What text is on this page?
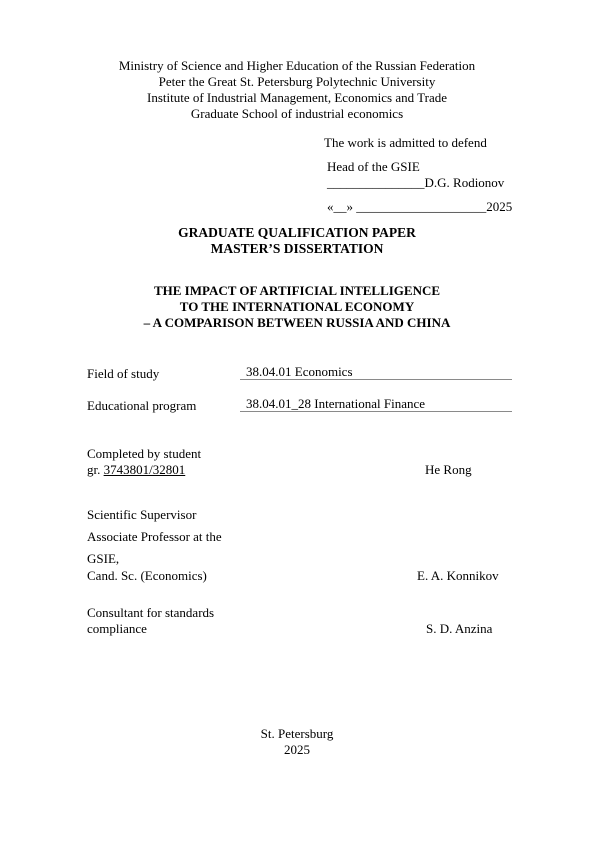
Ministry of Science and Higher Education of the Russian Federation
Peter the Great St. Petersburg Polytechnic University
Institute of Industrial Management, Economics and Trade
Graduate School of industrial economics
The work is admitted to defend
Head of the GSIE
_______________D.G. Rodionov
«__» ____________________2025
GRADUATE QUALIFICATION PAPER
MASTER’S DISSERTATION
THE IMPACT OF ARTIFICIAL INTELLIGENCE
TO THE INTERNATIONAL ECONOMY
– A COMPARISON BETWEEN RUSSIA AND CHINA
Field of study	38.04.01 Economics
Educational program	38.04.01_28 International Finance
Completed by student
gr. 3743801/32801	He Rong
Scientific Supervisor
Associate Professor at the
GSIE,
Cand. Sc. (Economics)	E. A. Konnikov
Consultant for standards
compliance	S. D. Anzina
St. Petersburg
2025
